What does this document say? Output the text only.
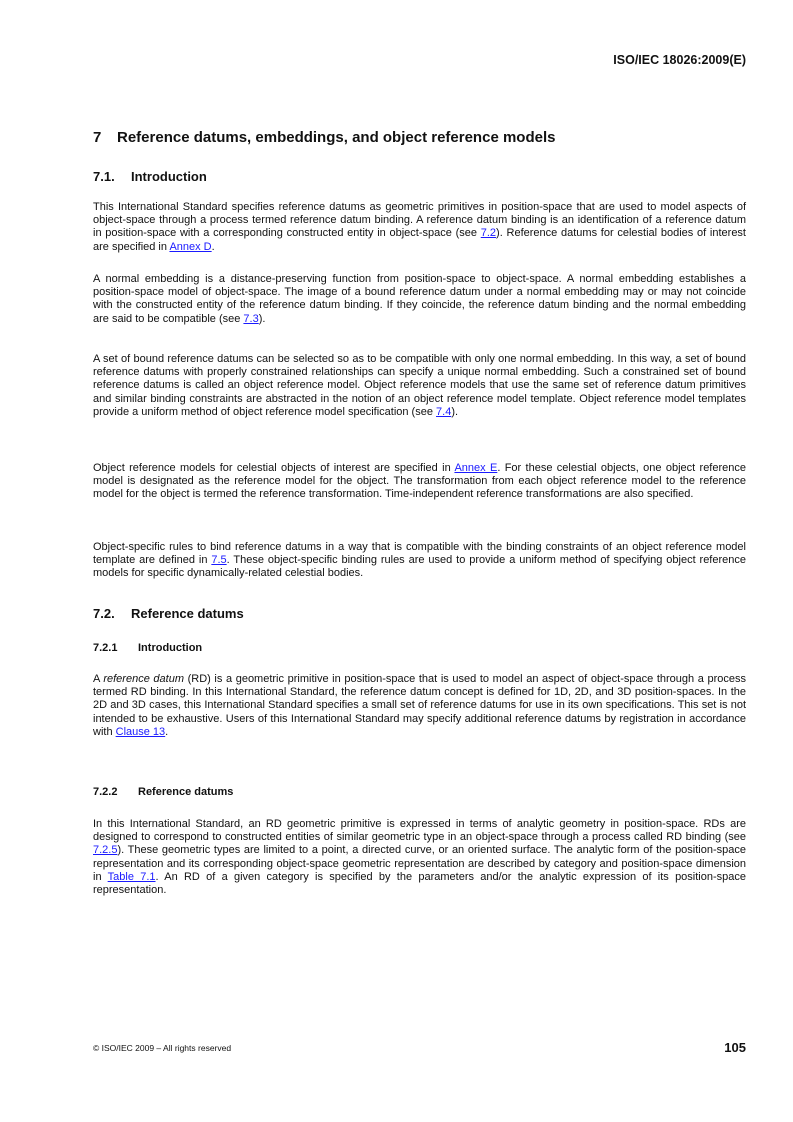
ISO/IEC 18026:2009(E)
7 Reference datums, embeddings, and object reference models
7.1. Introduction

This International Standard specifies reference datums as geometric primitives in position-space that are used to model aspects of object-space through a process termed reference datum binding. A reference datum binding is an identification of a reference datum in position-space with a corresponding constructed entity in object-space (see 7.2). Reference datums for celestial bodies of interest are specified in Annex D.

A normal embedding is a distance-preserving function from position-space to object-space. A normal embedding establishes a position-space model of object-space. The image of a bound reference datum under a normal embedding may or may not coincide with the constructed entity of the reference datum binding. If they coincide, the reference datum binding and the normal embedding are said to be compatible (see 7.3).

A set of bound reference datums can be selected so as to be compatible with only one normal embedding. In this way, a set of bound reference datums with properly constrained relationships can specify a unique normal embedding. Such a constrained set of bound reference datums is called an object reference model. Object reference models that use the same set of reference datum primitives and similar binding constraints are abstracted in the notion of an object reference model template. Object reference model templates provide a uniform method of object reference model specification (see 7.4).

Object reference models for celestial objects of interest are specified in Annex E. For these celestial objects, one object reference model is designated as the reference model for the object. The transformation from each object reference model to the reference model for the object is termed the reference transformation. Time-independent reference transformations are also specified.

Object-specific rules to bind reference datums in a way that is compatible with the binding constraints of an object reference model template are defined in 7.5. These object-specific binding rules are used to provide a uniform method of specifying object reference models for specific dynamically-related celestial bodies.

7.2. Reference datums
7.2.1 Introduction

A reference datum (RD) is a geometric primitive in position-space that is used to model an aspect of object-space through a process termed RD binding. In this International Standard, the reference datum concept is defined for 1D, 2D, and 3D position-spaces. In the 2D and 3D cases, this International Standard specifies a small set of reference datums for use in its own specifications. This set is not intended to be exhaustive. Users of this International Standard may specify additional reference datums by registration in accordance with Clause 13.

7.2.2 Reference datums

In this International Standard, an RD geometric primitive is expressed in terms of analytic geometry in position-space. RDs are designed to correspond to constructed entities of similar geometric type in an object-space through a process called RD binding (see 7.2.5). These geometric types are limited to a point, a directed curve, or an oriented surface. The analytic form of the position-space representation and its corresponding object-space geometric representation are described by category and position-space dimension in Table 7.1. An RD of a given category is specified by the parameters and/or the analytic expression of its position-space representation.

© ISO/IEC 2009 – All rights reserved	105
